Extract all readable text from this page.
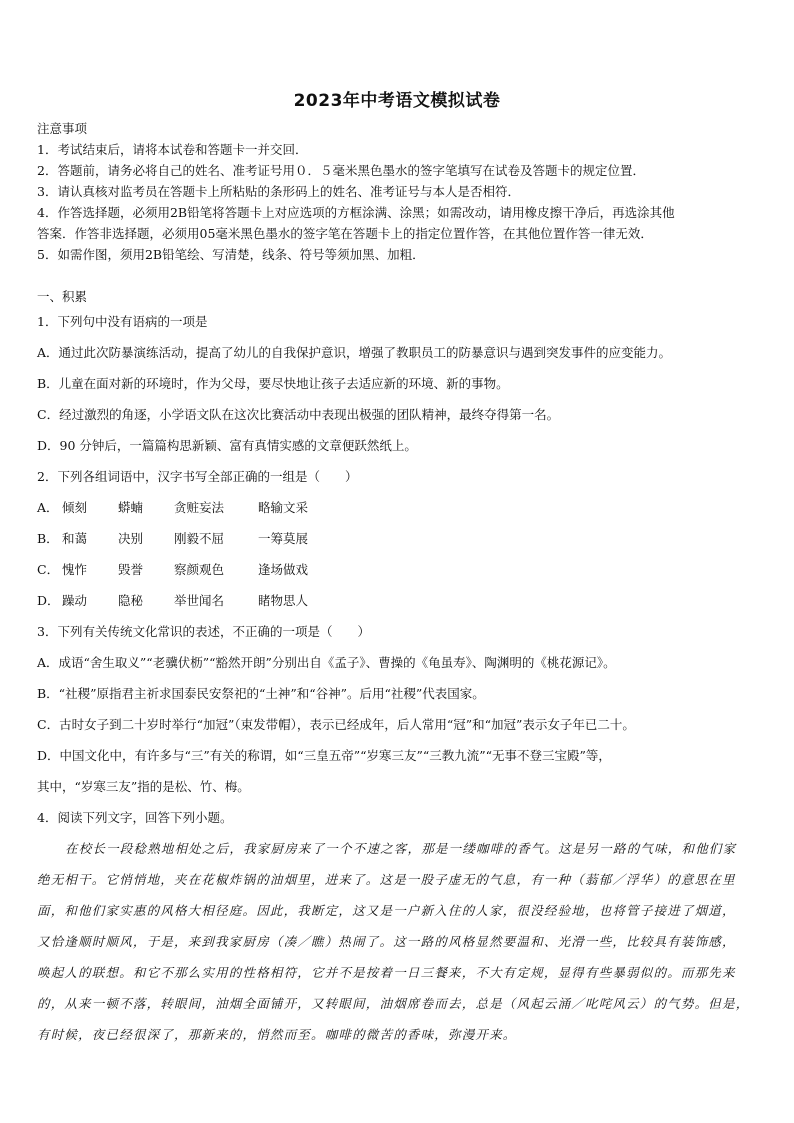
2023年中考语文模拟试卷
注意事项
1．考试结束后，请将本试卷和答题卡一并交回．
2．答题前，请务必将自己的姓名、准考证号用０．５毫米黑色墨水的签字笔填写在试卷及答题卡的规定位置．
3．请认真核对监考员在答题卡上所粘贴的条形码上的姓名、准考证号与本人是否相符．
4．作答选择题，必须用2B铅笔将答题卡上对应选项的方框涂满、涂黑；如需改动，请用橡皮擦干净后，再选涂其他
答案．作答非选择题，必须用05毫米黑色墨水的签字笔在答题卡上的指定位置作答，在其他位置作答一律无效．
5．如需作图，须用2B铅笔绘、写清楚，线条、符号等须加黑、加粗．
一、积累
1．下列句中没有语病的一项是
A．通过此次防暴演练活动，提高了幼儿的自我保护意识，增强了教职员工的防暴意识与遇到突发事件的应变能力。
B．儿童在面对新的环境时，作为父母，要尽快地让孩子去适应新的环境、新的事物。
C．经过激烈的角逐，小学语文队在这次比赛活动中表现出极强的团队精神，最终夺得第一名。
D．90 分钟后，一篇篇构思新颖、富有真情实感的文章便跃然纸上。
2．下列各组词语中，汉字书写全部正确的一组是（　　）
A． 倾刻 蟒蝻 贪赃妄法	略输文采
B． 和蔼 决别 刚毅不屈	一筹莫展
C． 愧怍 毁誉 察颜观色	逢场做戏
D． 躁动 隐秘 举世闻名	睹物思人
3．下列有关传统文化常识的表述，不正确的一项是（　　）
A．成语“舍生取义”“老骥伏枥”“豁然开朗”分别出自《孟子》、曹操的《龟虽寿》、陶渊明的《桃花源记》。
B．“社稷”原指君主祈求国泰民安祭祀的“土神”和“谷神”。后用“社稷”代表国家。
C．古时女子到二十岁时举行“加冠”（束发带帽），表示已经成年，后人常用“冠”和“加冠”表示女子年已二十。
D．中国文化中，有许多与“三”有关的称谓，如“三皇五帝”“岁寒三友”“三教九流”“无事不登三宝殿”等，
其中，“岁寒三友”指的是松、竹、梅。
4．阅读下列文字，回答下列小题。
在校长一段稔熟地相处之后，我家厨房来了一个不速之客，那是一缕咖啡的香气。这是另一路的气味，和他们家
绝无相干。它悄悄地，夹在花椒炸锅的油烟里，进来了。这是一股子虚无的气息，有一种（蓊郁／浮华）的意思在里
面，和他们家实惠的风格大相径庭。因此，我断定，这又是一户新入住的人家，很没经验地，也将管子接进了烟道，
又恰逢顺时顺风，于是，来到我家厨房（凑／瞧）热闹了。这一路的风格显然要温和、光滑一些，比较具有装饰感，
唤起人的联想。和它不那么实用的性格相符，它并不是按着一日三餐来，不大有定规，显得有些暴弱似的。而那先来
的，从来一顿不落，转眼间，油烟全面铺开，又转眼间，油烟席卷而去，总是（风起云涌／叱咤风云）的气势。但是，
有时候，夜已经很深了，那新来的，悄然而至。咖啡的微苦的香味，弥漫开来。
